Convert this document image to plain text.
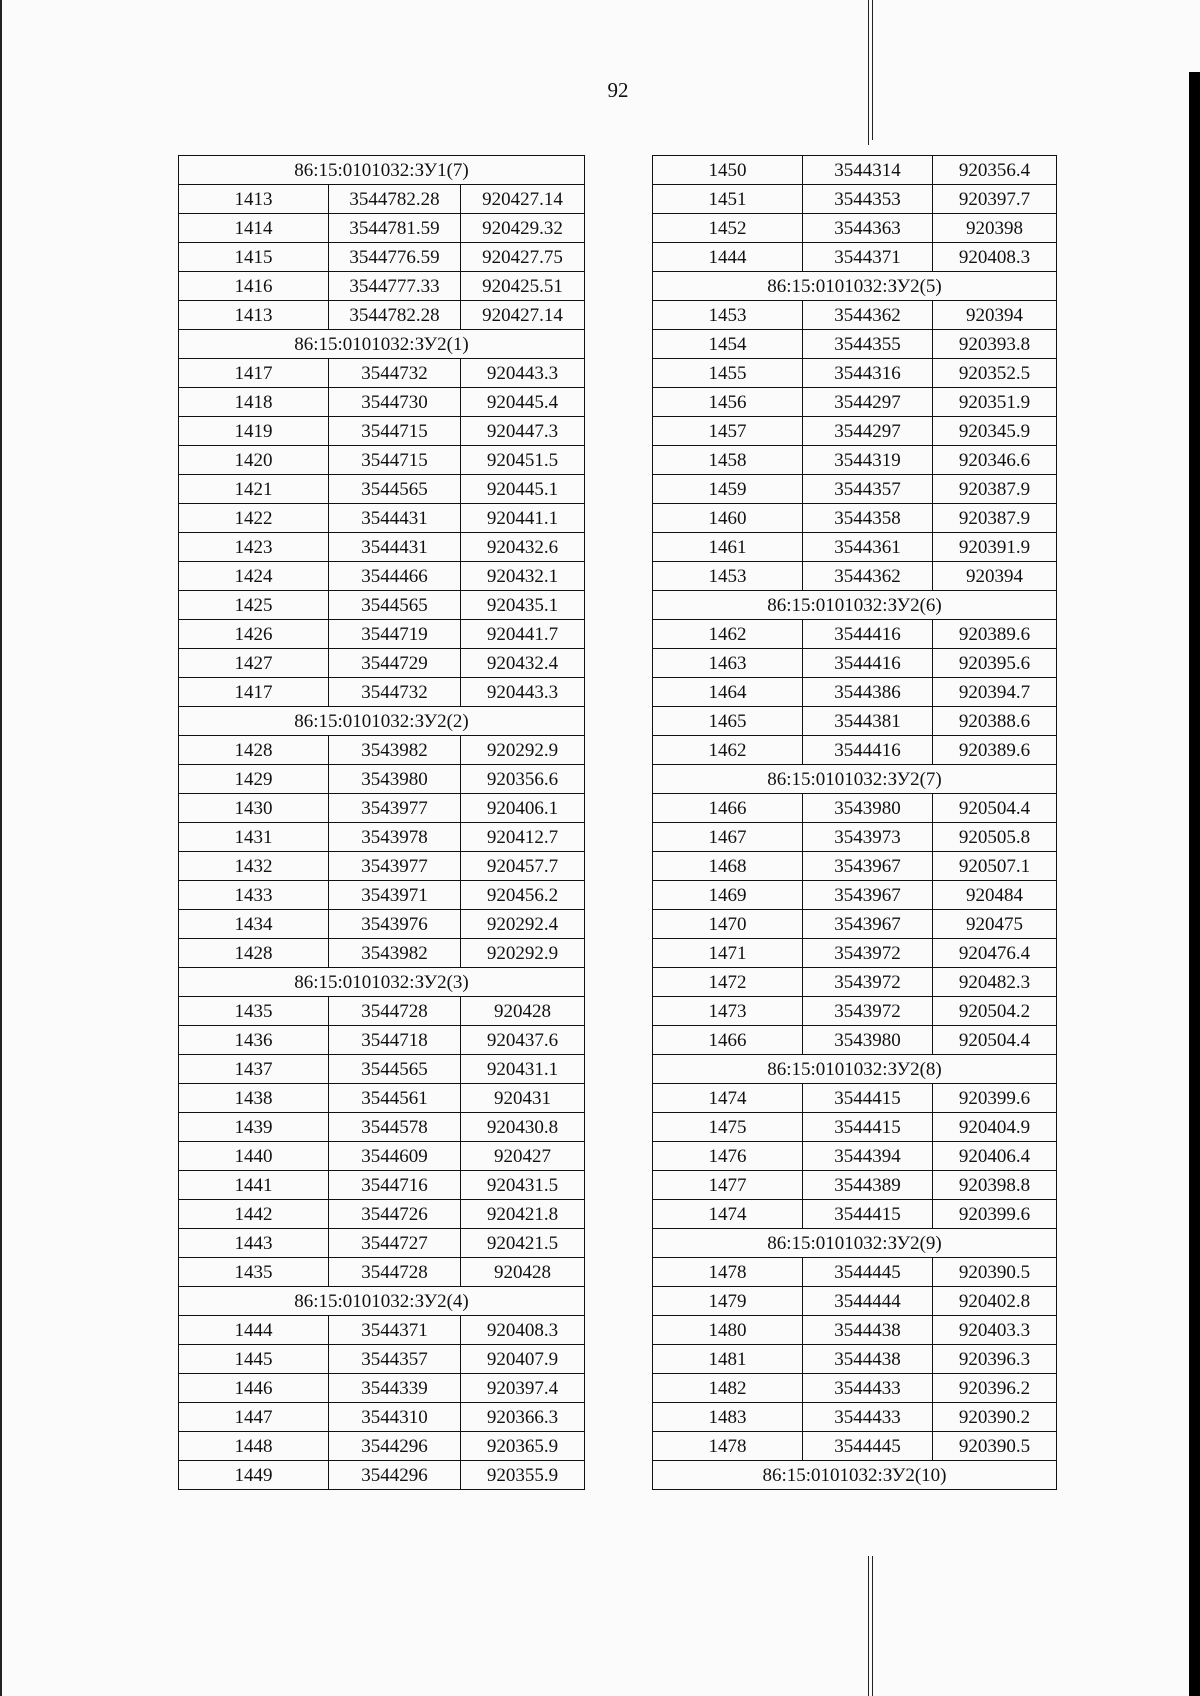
92
86:15:0101032:ЗУ1(7)		
1413	3544782.28	920427.14
1414	3544781.59	920429.32
1415	3544776.59	920427.75
1416	3544777.33	920425.51
1413	3544782.28	920427.14
86:15:0101032:ЗУ2(1)		
1417	3544732	920443.3
1418	3544730	920445.4
1419	3544715	920447.3
1420	3544715	920451.5
1421	3544565	920445.1
1422	3544431	920441.1
1423	3544431	920432.6
1424	3544466	920432.1
1425	3544565	920435.1
1426	3544719	920441.7
1427	3544729	920432.4
1417	3544732	920443.3
86:15:0101032:ЗУ2(2)		
1428	3543982	920292.9
1429	3543980	920356.6
1430	3543977	920406.1
1431	3543978	920412.7
1432	3543977	920457.7
1433	3543971	920456.2
1434	3543976	920292.4
1428	3543982	920292.9
86:15:0101032:ЗУ2(3)		
1435	3544728	920428
1436	3544718	920437.6
1437	3544565	920431.1
1438	3544561	920431
1439	3544578	920430.8
1440	3544609	920427
1441	3544716	920431.5
1442	3544726	920421.8
1443	3544727	920421.5
1435	3544728	920428
86:15:0101032:ЗУ2(4)		
1444	3544371	920408.3
1445	3544357	920407.9
1446	3544339	920397.4
1447	3544310	920366.3
1448	3544296	920365.9
1449	3544296	920355.9
1450	3544314	920356.4
1451	3544353	920397.7
1452	3544363	920398
1444	3544371	920408.3
86:15:0101032:ЗУ2(5)		
1453	3544362	920394
1454	3544355	920393.8
1455	3544316	920352.5
1456	3544297	920351.9
1457	3544297	920345.9
1458	3544319	920346.6
1459	3544357	920387.9
1460	3544358	920387.9
1461	3544361	920391.9
1453	3544362	920394
86:15:0101032:ЗУ2(6)		
1462	3544416	920389.6
1463	3544416	920395.6
1464	3544386	920394.7
1465	3544381	920388.6
1462	3544416	920389.6
86:15:0101032:ЗУ2(7)		
1466	3543980	920504.4
1467	3543973	920505.8
1468	3543967	920507.1
1469	3543967	920484
1470	3543967	920475
1471	3543972	920476.4
1472	3543972	920482.3
1473	3543972	920504.2
1466	3543980	920504.4
86:15:0101032:ЗУ2(8)		
1474	3544415	920399.6
1475	3544415	920404.9
1476	3544394	920406.4
1477	3544389	920398.8
1474	3544415	920399.6
86:15:0101032:ЗУ2(9)		
1478	3544445	920390.5
1479	3544444	920402.8
1480	3544438	920403.3
1481	3544438	920396.3
1482	3544433	920396.2
1483	3544433	920390.2
1478	3544445	920390.5
86:15:0101032:ЗУ2(10)		
